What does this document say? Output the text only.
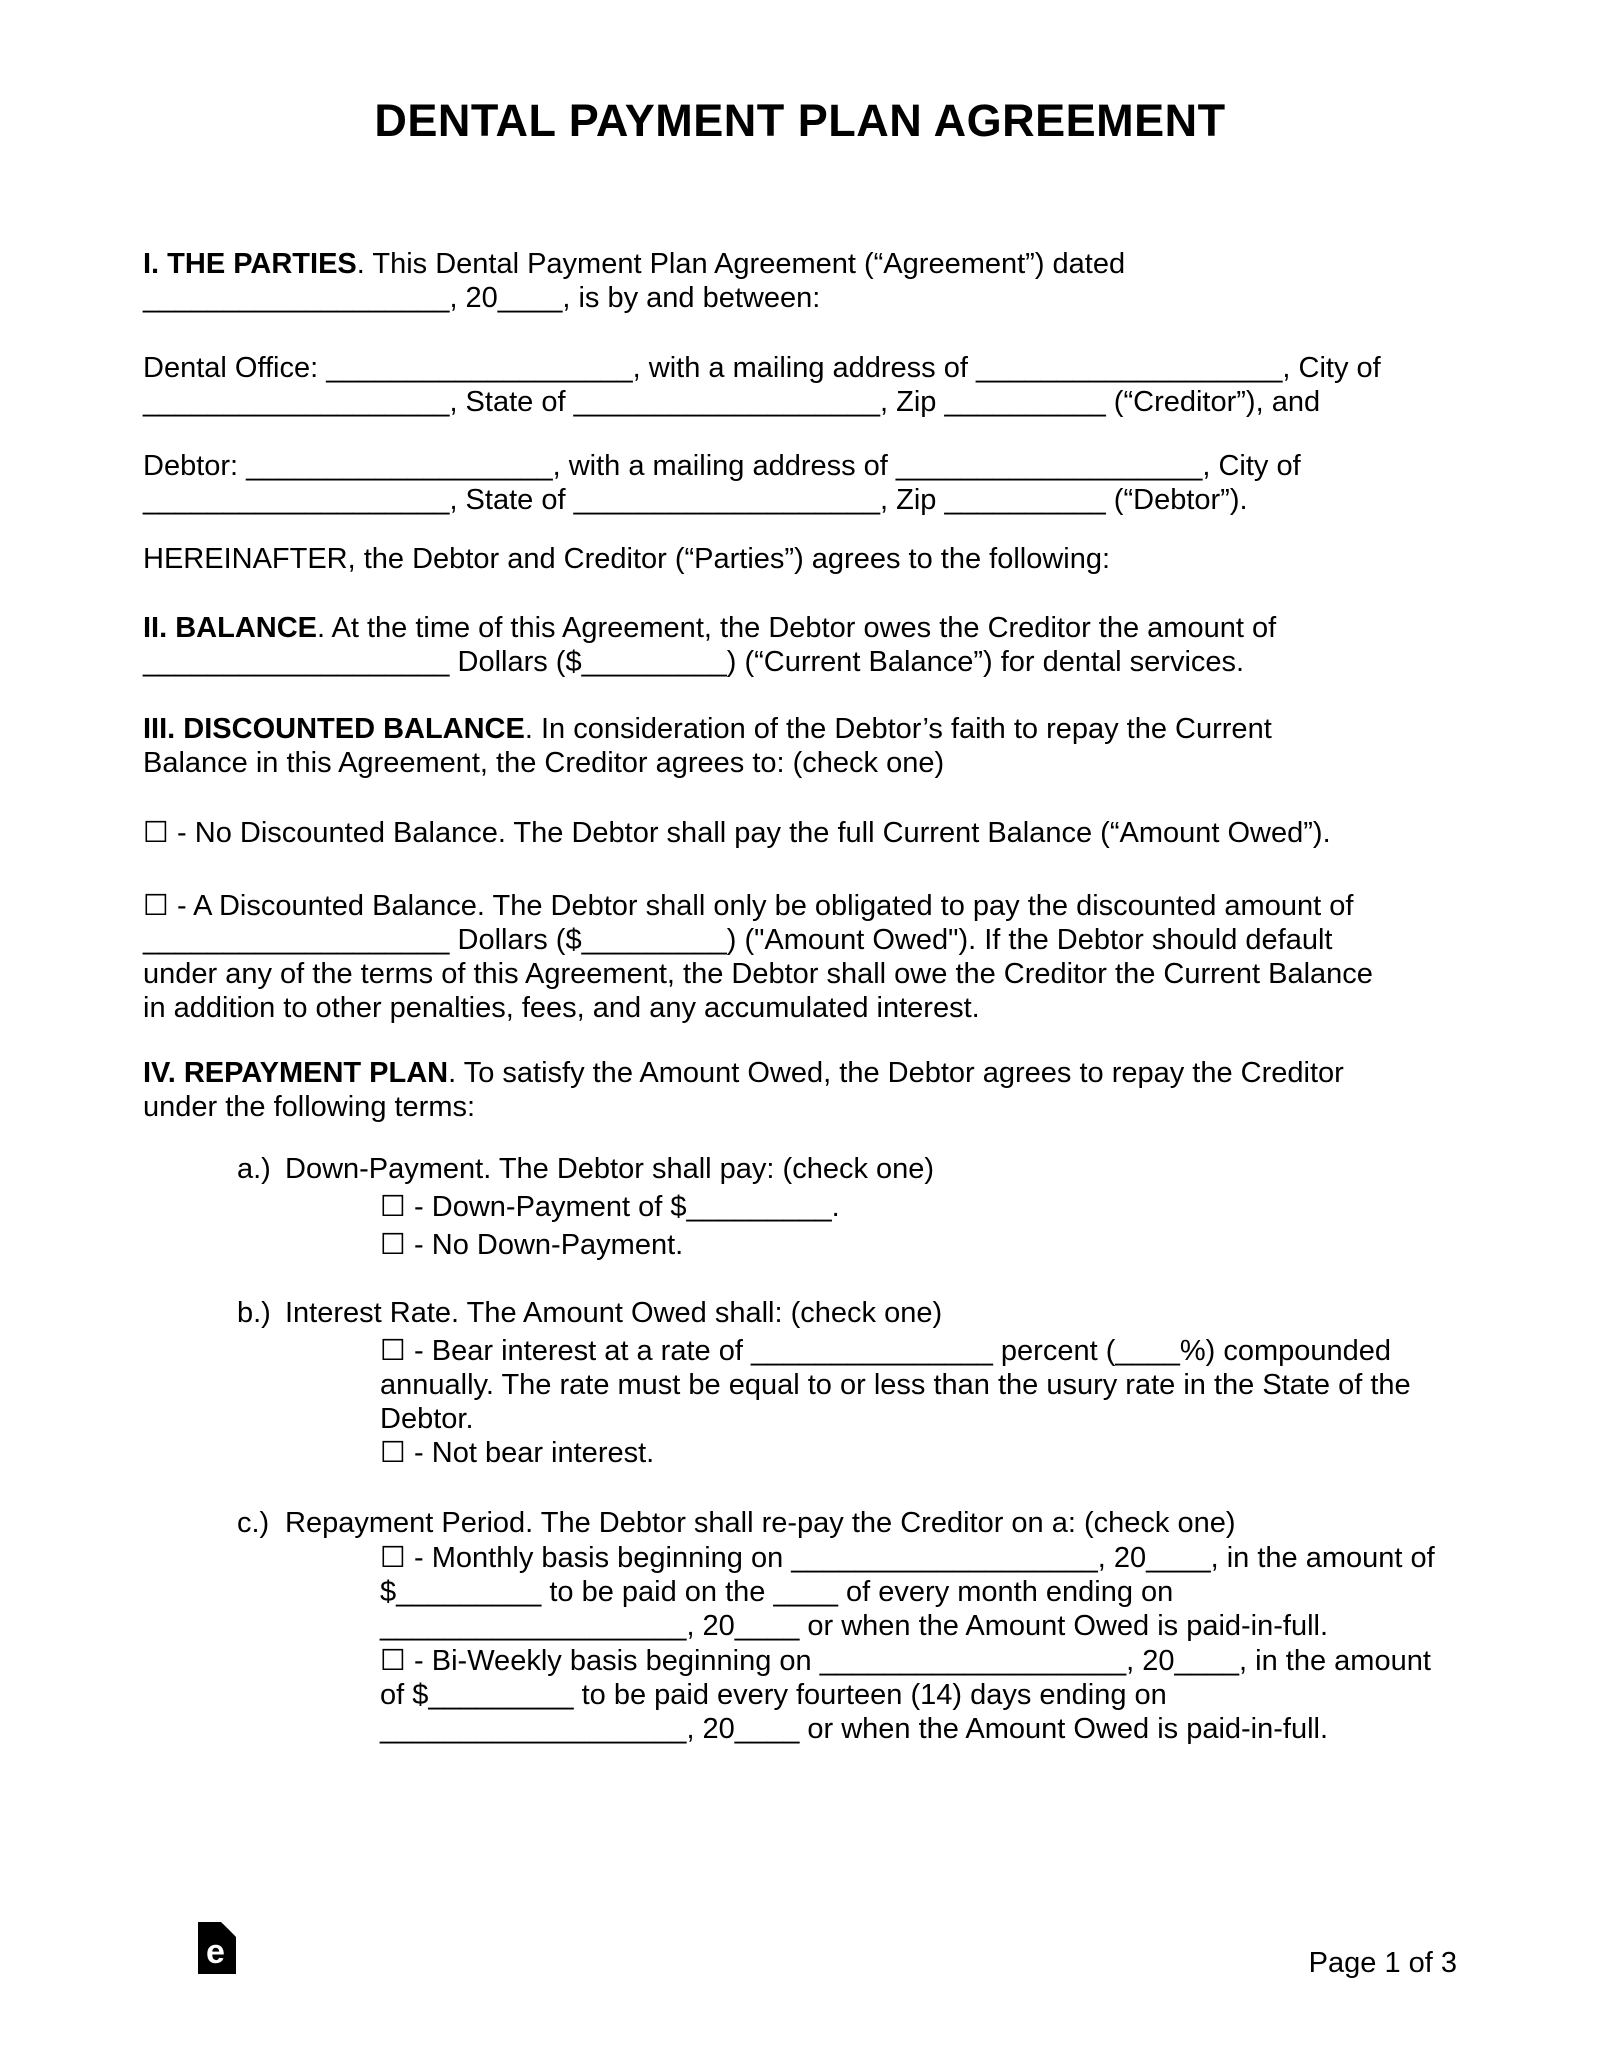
DENTAL PAYMENT PLAN AGREEMENT
I. THE PARTIES. This Dental Payment Plan Agreement (“Agreement”) dated
___________________, 20____, is by and between:
Dental Office: ___________________, with a mailing address of ___________________, City of
___________________, State of ___________________, Zip __________ (“Creditor”), and
Debtor: ___________________, with a mailing address of ___________________, City of
___________________, State of ___________________, Zip __________ (“Debtor”).
HEREINAFTER, the Debtor and Creditor (“Parties”) agrees to the following:
II. BALANCE. At the time of this Agreement, the Debtor owes the Creditor the amount of
___________________ Dollars ($_________) (“Current Balance”) for dental services.
III. DISCOUNTED BALANCE. In consideration of the Debtor’s faith to repay the Current
Balance in this Agreement, the Creditor agrees to: (check one)
☐ - No Discounted Balance. The Debtor shall pay the full Current Balance (“Amount Owed”).
☐ - A Discounted Balance. The Debtor shall only be obligated to pay the discounted amount of
___________________ Dollars ($_________) ("Amount Owed"). If the Debtor should default
under any of the terms of this Agreement, the Debtor shall owe the Creditor the Current Balance
in addition to other penalties, fees, and any accumulated interest.
IV. REPAYMENT PLAN. To satisfy the Amount Owed, the Debtor agrees to repay the Creditor
under the following terms:
a.) Down-Payment. The Debtor shall pay: (check one)
☐ - Down-Payment of $_________.
☐ - No Down-Payment.
b.) Interest Rate. The Amount Owed shall: (check one)
☐ - Bear interest at a rate of _______________ percent (____%) compounded
annually. The rate must be equal to or less than the usury rate in the State of the
Debtor.
☐ - Not bear interest.
c.) Repayment Period. The Debtor shall re-pay the Creditor on a: (check one)
☐ - Monthly basis beginning on ___________________, 20____, in the amount of
$_________ to be paid on the ____ of every month ending on
___________________, 20____ or when the Amount Owed is paid-in-full.
☐ - Bi-Weekly basis beginning on ___________________, 20____, in the amount
of $_________ to be paid every fourteen (14) days ending on
___________________, 20____ or when the Amount Owed is paid-in-full.
e	Page 1 of 3
